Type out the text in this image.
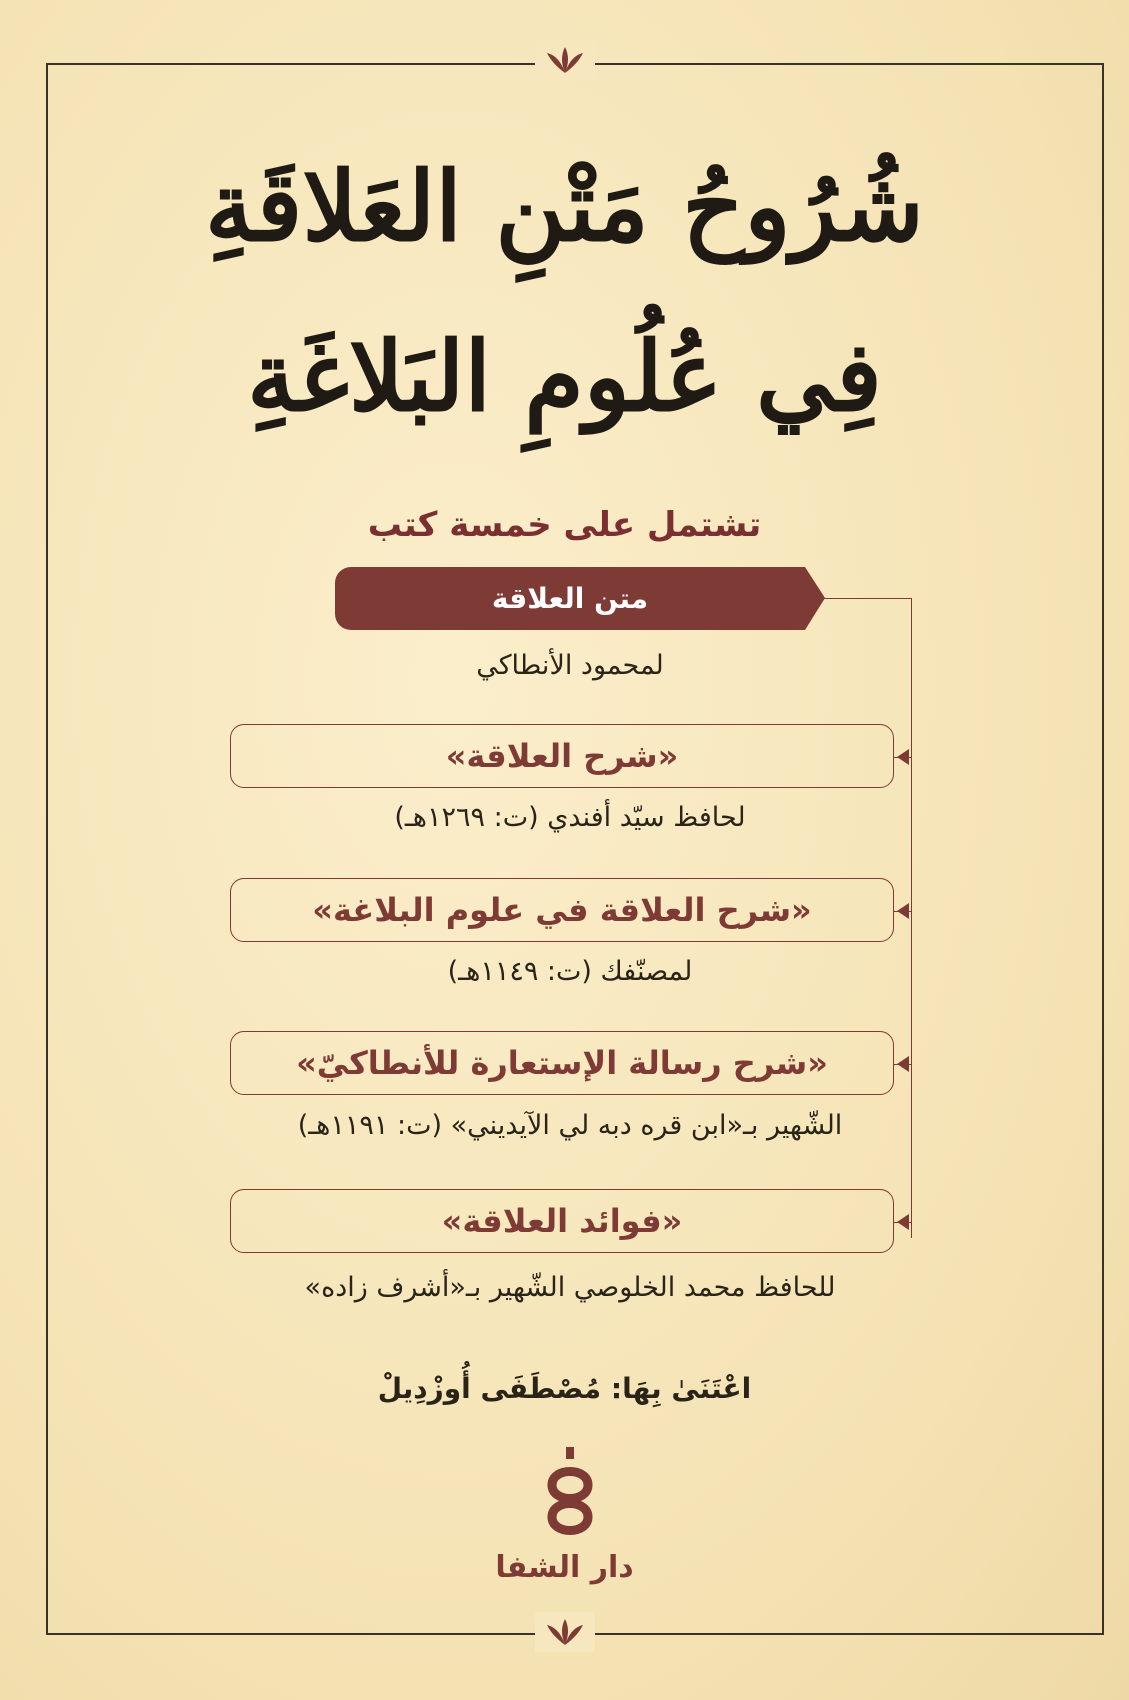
شُرُوحُ مَتْنِ العَلاقَةِ
فِي عُلُومِ البَلاغَةِ
تشتمل على خمسة كتب
متن العلاقة
لمحمود الأنطاكي
«شرح العلاقة»
لحافظ سيّد أفندي (ت: ١٢٦٩هـ)
«شرح العلاقة في علوم البلاغة»
لمصنّفك (ت: ١١٤٩هـ)
«شرح رسالة الإستعارة للأنطاكيّ»
الشّهير بـ«ابن قره دبه لي الآيديني» (ت: ١١٩١هـ)
«فوائد العلاقة»
للحافظ محمد الخلوصي الشّهير بـ«أشرف زاده»
اعْتَنَىٰ بِهَا: مُصْطَفَى أُوزْدِيلْ
دار الشفا
